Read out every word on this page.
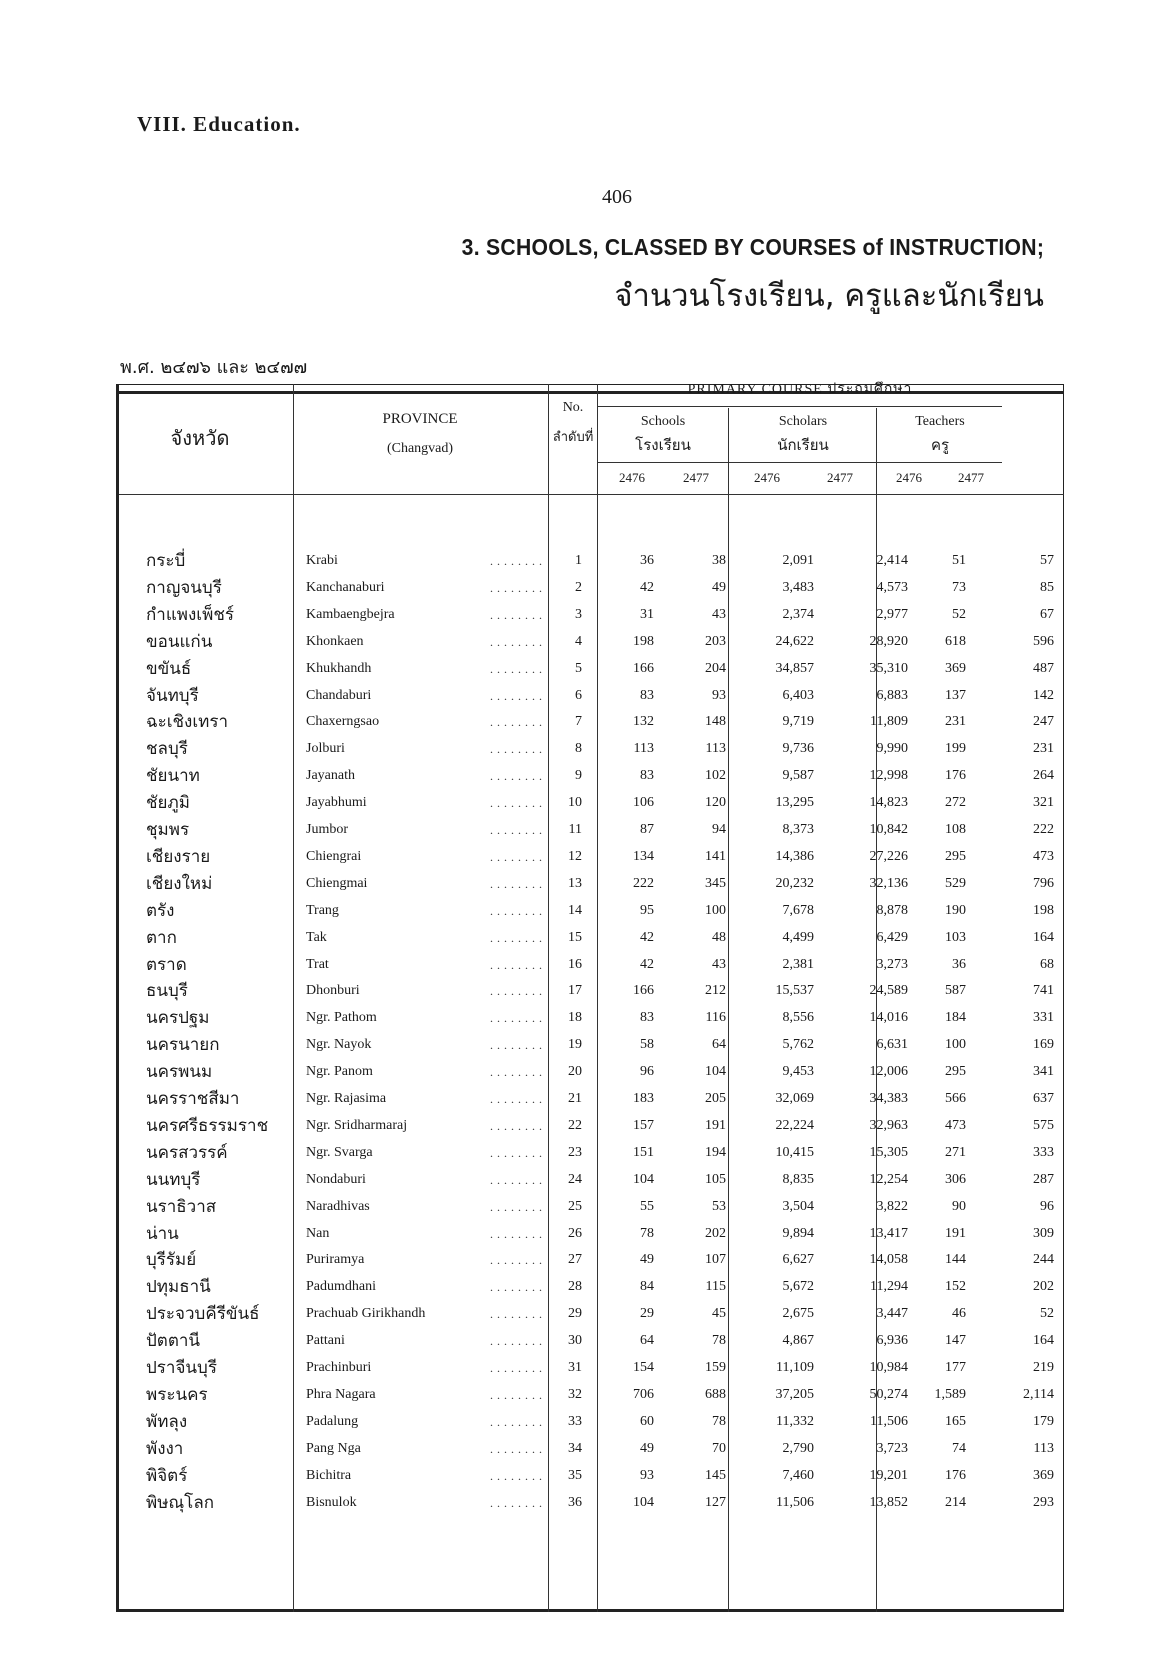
VIII. Education.
406
3. SCHOOLS, CLASSED BY COURSES of INSTRUCTION;
จำนวนโรงเรียน, ครูและนักเรียน
พ.ศ. ๒๔๗๖ และ ๒๔๗๗
จังหวัด
PROVINCE
(Changvad)
No.
ลำดับที่
PRIMARY COURSE ประถมศึกษา
Schools
โรงเรียน
Scholars
นักเรียน
Teachers
ครู
2476	2477	2476	2477	2476	2477
กระบี่	Krabi	........	1	36	38	2,091	2,414	51	57
กาญจนบุรี	Kanchanaburi	........	2	42	49	3,483	4,573	73	85
กำแพงเพ็ชร์	Kambaengbejra	........	3	31	43	2,374	2,977	52	67
ขอนแก่น	Khonkaen	........	4	198	203	24,622	28,920	618	596
ขขันธ์	Khukhandh	........	5	166	204	34,857	35,310	369	487
จันทบุรี	Chandaburi	........	6	83	93	6,403	6,883	137	142
ฉะเชิงเทรา	Chaxerngsao	........	7	132	148	9,719	11,809	231	247
ชลบุรี	Jolburi	........	8	113	113	9,736	9,990	199	231
ชัยนาท	Jayanath	........	9	83	102	9,587	12,998	176	264
ชัยภูมิ	Jayabhumi	........	10	106	120	13,295	14,823	272	321
ชุมพร	Jumbor	........	11	87	94	8,373	10,842	108	222
เชียงราย	Chiengrai	........	12	134	141	14,386	27,226	295	473
เชียงใหม่	Chiengmai	........	13	222	345	20,232	32,136	529	796
ตรัง	Trang	........	14	95	100	7,678	8,878	190	198
ตาก	Tak	........	15	42	48	4,499	6,429	103	164
ตราด	Trat	........	16	42	43	2,381	3,273	36	68
ธนบุรี	Dhonburi	........	17	166	212	15,537	24,589	587	741
นครปฐม	Ngr. Pathom	........	18	83	116	8,556	14,016	184	331
นครนายก	Ngr. Nayok	........	19	58	64	5,762	6,631	100	169
นครพนม	Ngr. Panom	........	20	96	104	9,453	12,006	295	341
นครราชสีมา	Ngr. Rajasima	........	21	183	205	32,069	34,383	566	637
นครศรีธรรมราช	Ngr. Sridharmaraj	........	22	157	191	22,224	32,963	473	575
นครสวรรค์	Ngr. Svarga	........	23	151	194	10,415	15,305	271	333
นนทบุรี	Nondaburi	........	24	104	105	8,835	12,254	306	287
นราธิวาส	Naradhivas	........	25	55	53	3,504	3,822	90	96
น่าน	Nan	........	26	78	202	9,894	13,417	191	309
บุรีรัมย์	Puriramya	........	27	49	107	6,627	14,058	144	244
ปทุมธานี	Padumdhani	........	28	84	115	5,672	11,294	152	202
ประจวบคีรีขันธ์	Prachuab Girikhandh	........	29	29	45	2,675	3,447	46	52
ปัตตานี	Pattani	........	30	64	78	4,867	6,936	147	164
ปราจีนบุรี	Prachinburi	........	31	154	159	11,109	10,984	177	219
พระนคร	Phra Nagara	........	32	706	688	37,205	50,274	1,589	2,114
พัทลุง	Padalung	........	33	60	78	11,332	11,506	165	179
พังงา	Pang Nga	........	34	49	70	2,790	3,723	74	113
พิจิตร์	Bichitra	........	35	93	145	7,460	19,201	176	369
พิษณุโลก	Bisnulok	........	36	104	127	11,506	13,852	214	293
